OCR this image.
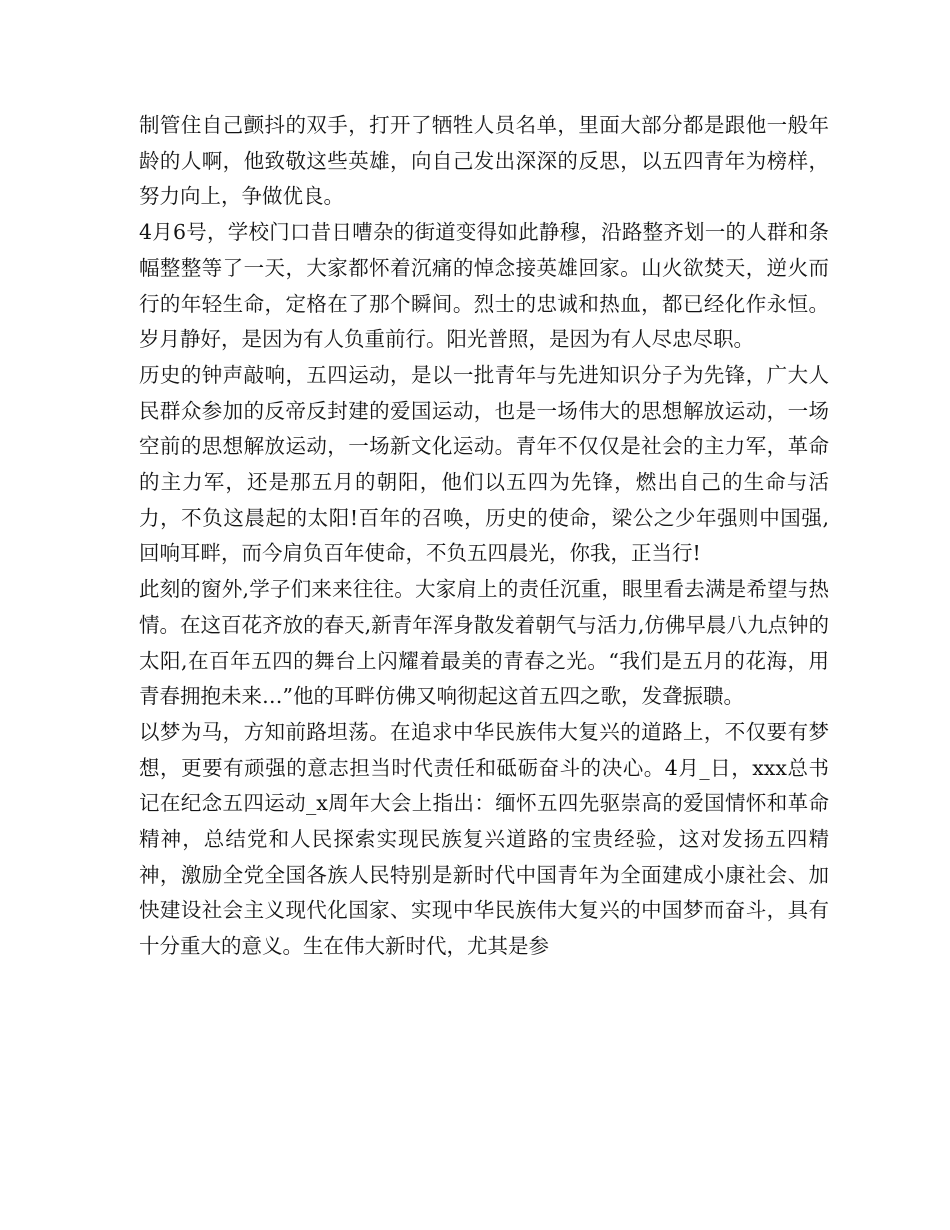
制管住自己颤抖的双手，打开了牺牲人员名单，里面大部分都是跟他一般年龄的人啊，他致敬这些英雄，向自己发出深深的反思，以五四青年为榜样，努力向上，争做优良。

4月6号，学校门口昔日嘈杂的街道变得如此静穆，沿路整齐划一的人群和条幅整整等了一天，大家都怀着沉痛的悼念接英雄回家。山火欲焚天，逆火而行的年轻生命，定格在了那个瞬间。烈士的忠诚和热血，都已经化作永恒。岁月静好，是因为有人负重前行。阳光普照，是因为有人尽忠尽职。

历史的钟声敲响，五四运动，是以一批青年与先进知识分子为先锋，广大人民群众参加的反帝反封建的爱国运动，也是一场伟大的思想解放运动，一场空前的思想解放运动，一场新文化运动。青年不仅仅是社会的主力军，革命的主力军，还是那五月的朝阳，他们以五四为先锋，燃出自己的生命与活力，不负这晨起的太阳!百年的召唤，历史的使命，梁公之少年强则中国强,回响耳畔，而今肩负百年使命，不负五四晨光，你我，正当行!

此刻的窗外,学子们来来往往。大家肩上的责任沉重，眼里看去满是希望与热情。在这百花齐放的春天,新青年浑身散发着朝气与活力,仿佛早晨八九点钟的太阳,在百年五四的舞台上闪耀着最美的青春之光。“我们是五月的花海，用青春拥抱未来…”他的耳畔仿佛又响彻起这首五四之歌，发聋振聩。

以梦为马，方知前路坦荡。在追求中华民族伟大复兴的道路上，不仅要有梦想，更要有顽强的意志担当时代责任和砥砺奋斗的决心。4月_日，xxx总书记在纪念五四运动_x周年大会上指出：缅怀五四先驱崇高的爱国情怀和革命精神，总结党和人民探索实现民族复兴道路的宝贵经验，这对发扬五四精神，激励全党全国各族人民特别是新时代中国青年为全面建成小康社会、加快建设社会主义现代化国家、实现中华民族伟大复兴的中国梦而奋斗，具有十分重大的意义。生在伟大新时代，尤其是参
